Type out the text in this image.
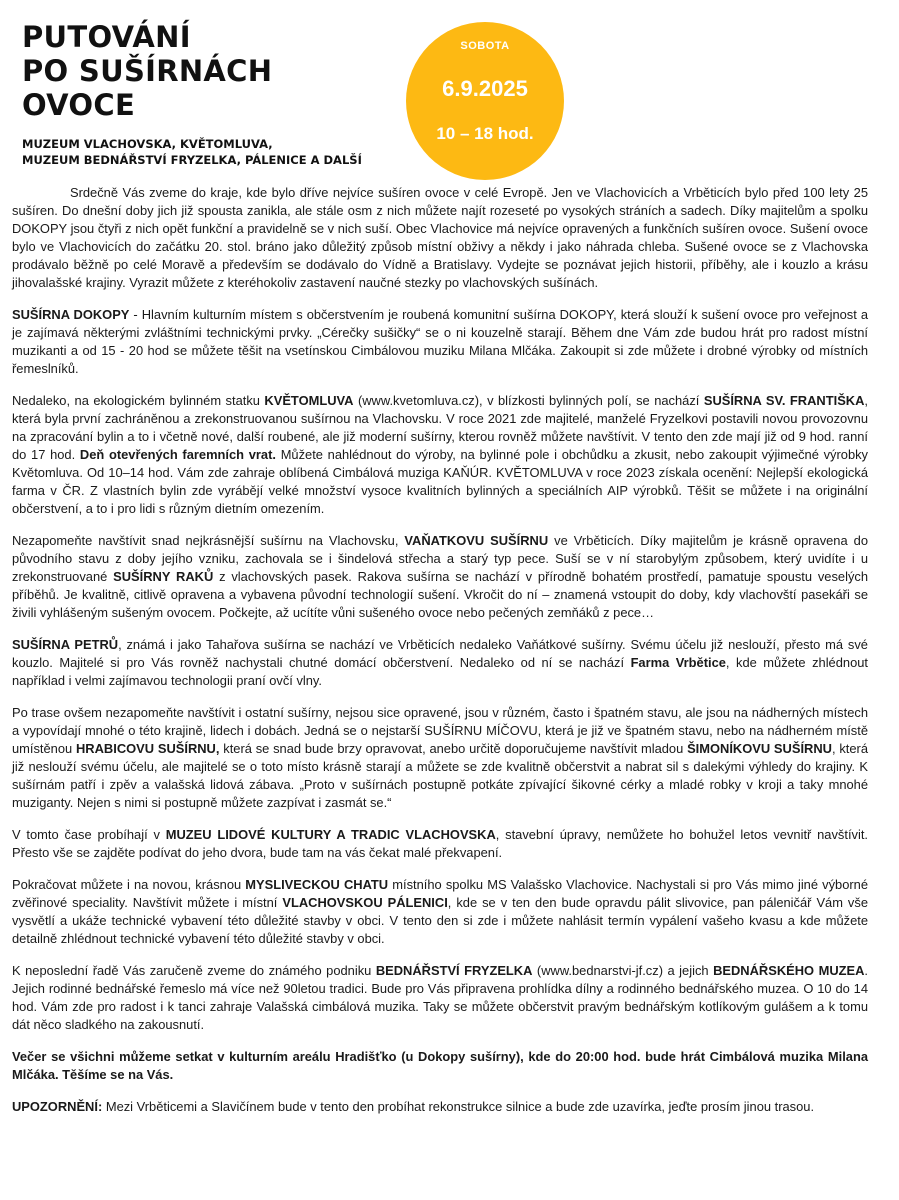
PUTOVÁNÍ
PO SUŠÍRNÁCH
OVOCE

MUZEUM VLACHOVSKA, KVĚTOMLUVA,
MUZEUM BEDNÁŘSTVÍ FRYZELKA, PÁLENICE A DALŠÍ

SOBOTA
6.9.2025
10 – 18 hod.

Srdečně Vás zveme do kraje, kde bylo dříve nejvíce sušíren ovoce v celé Evropě. Jen ve Vlachovicích a Vrběticích bylo před 100 lety 25 sušíren. Do dnešní doby jich již spousta zanikla, ale stále osm z nich můžete najít rozeseté po vysokých stráních a sadech. Díky majitelům a spolku DOKOPY jsou čtyři z nich opět funkční a pravidelně se v nich suší. Obec Vlachovice má nejvíce opravených a funkčních sušíren ovoce. Sušení ovoce bylo ve Vlachovicích do začátku 20. stol. bráno jako důležitý způsob místní obživy a někdy i jako náhrada chleba. Sušené ovoce se z Vlachovska prodávalo běžně po celé Moravě a především se dodávalo do Vídně a Bratislavy. Vydejte se poznávat jejich historii, příběhy, ale i kouzlo a krásu jihovalašské krajiny. Vyrazit můžete z kteréhokoliv zastavení naučné stezky po vlachovských sušínách.

SUŠÍRNA DOKOPY - Hlavním kulturním místem s občerstvením je roubená komunitní sušírna DOKOPY, která slouží k sušení ovoce pro veřejnost a je zajímavá některými zvláštními technickými prvky. „Cérečky sušičky“ se o ni kouzelně starají. Během dne Vám zde budou hrát pro radost místní muzikanti a od 15 - 20 hod se můžete těšit na vsetínskou Cimbálovou muziku Milana Mlčáka. Zakoupit si zde můžete i drobné výrobky od místních řemeslníků.

Nedaleko, na ekologickém bylinném statku KVĚTOMLUVA (www.kvetomluva.cz), v blízkosti bylinných polí, se nachází SUŠÍRNA SV. FRANTIŠKA, která byla první zachráněnou a zrekonstruovanou sušírnou na Vlachovsku. V roce 2021 zde majitelé, manželé Fryzelkovi postavili novou provozovnu na zpracování bylin a to i včetně nové, další roubené, ale již moderní sušírny, kterou rovněž můžete navštívit. V tento den zde mají již od 9 hod. ranní do 17 hod. Deň otevřených faremních vrat. Můžete nahlédnout do výroby, na bylinné pole i obchůdku a zkusit, nebo zakoupit výjimečné výrobky Květomluva. Od 10–14 hod. Vám zde zahraje oblíbená Cimbálová muziga KAŇÚR. KVĚTOMLUVA v roce 2023 získala ocenění: Nejlepší ekologická farma v ČR. Z vlastních bylin zde vyrábějí velké množství vysoce kvalitních bylinných a speciálních AIP výrobků. Těšit se můžete i na originální občerstvení, a to i pro lidi s různým dietním omezením.

Nezapomeňte navštívit snad nejkrásnější sušírnu na Vlachovsku, VAŇATKOVU SUŠÍRNU ve Vrběticích. Díky majitelům je krásně opravena do původního stavu z doby jejího vzniku, zachovala se i šindelová střecha a starý typ pece. Suší se v ní starobylým způsobem, který uvidíte i u zrekonstruované SUŠÍRNY RAKŮ z vlachovských pasek. Rakova sušírna se nachází v přírodně bohatém prostředí, pamatuje spoustu veselých příběhů. Je kvalitně, citlivě opravena a vybavena původní technologií sušení. Vkročit do ní – znamená vstoupit do doby, kdy vlachovští pasekáři se živili vyhlášeným sušeným ovocem. Počkejte, až ucítíte vůni sušeného ovoce nebo pečených zemňáků z pece…

SUŠÍRNA PETRŮ, známá i jako Tahařova sušírna se nachází ve Vrběticích nedaleko Vaňátkové sušírny. Svému účelu již neslouží, přesto má své kouzlo. Majitelé si pro Vás rovněž nachystali chutné domácí občerstvení. Nedaleko od ní se nachází Farma Vrbětice, kde můžete zhlédnout například i velmi zajímavou technologii praní ovčí vlny.

Po trase ovšem nezapomeňte navštívit i ostatní sušírny, nejsou sice opravené, jsou v různém, často i špatném stavu, ale jsou na nádherných místech a vypovídají mnohé o této krajině, lidech i dobách. Jedná se o nejstarší SUŠÍRNU MÍČOVU, která je již ve špatném stavu, nebo na nádherném místě umístěnou HRABICOVU SUŠÍRNU, která se snad bude brzy opravovat, anebo určitě doporučujeme navštívit mladou ŠIMONÍKOVU SUŠÍRNU, která již neslouží svému účelu, ale majitelé se o toto místo krásně starají a můžete se zde kvalitně občerstvit a nabrat sil s dalekými výhledy do krajiny. K sušírnám patří i zpěv a valašská lidová zábava. „Proto v sušírnách postupně potkáte zpívající šikovné cérky a mladé robky v kroji a taky mnohé muziganty. Nejen s nimi si postupně můžete zazpívat i zasmát se.“

V tomto čase probíhají v MUZEU LIDOVÉ KULTURY A TRADIC VLACHOVSKA, stavební úpravy, nemůžete ho bohužel letos vevnitř navštívit. Přesto vše se zajděte podívat do jeho dvora, bude tam na vás čekat malé překvapení.

Pokračovat můžete i na novou, krásnou MYSLIVECKOU CHATU místního spolku MS Valašsko Vlachovice. Nachystali si pro Vás mimo jiné výborné zvěřinové speciality. Navštívit můžete i místní VLACHOVSKOU PÁLENICI, kde se v ten den bude opravdu pálit slivovice, pan páleničář Vám vše vysvětlí a ukáže technické vybavení této důležité stavby v obci. V tento den si zde i můžete nahlásit termín vypálení vašeho kvasu a kde můžete detailně zhlédnout technické vybavení této důležité stavby v obci.

K neposlední řadě Vás zaručeně zveme do známého podniku BEDNÁŘSTVÍ FRYZELKA (www.bednarstvi-jf.cz) a jejich BEDNÁŘSKÉHO MUZEA. Jejich rodinné bednářské řemeslo má více než 90letou tradici. Bude pro Vás připravena prohlídka dílny a rodinného bednářského muzea. O 10 do 14 hod. Vám zde pro radost i k tanci zahraje Valašská cimbálová muzika. Taky se můžete občerstvit pravým bednářským kotlíkovým gulášem a k tomu dát něco sladkého na zakousnutí.

Večer se všichni můžeme setkat v kulturním areálu Hradišťko (u Dokopy sušírny), kde do 20:00 hod. bude hrát Cimbálová muzika Milana Mlčáka. Těšíme se na Vás.

UPOZORNĚNÍ: Mezi Vrběticemi a Slavičínem bude v tento den probíhat rekonstrukce silnice a bude zde uzavírka, jeďte prosím jinou trasou.
